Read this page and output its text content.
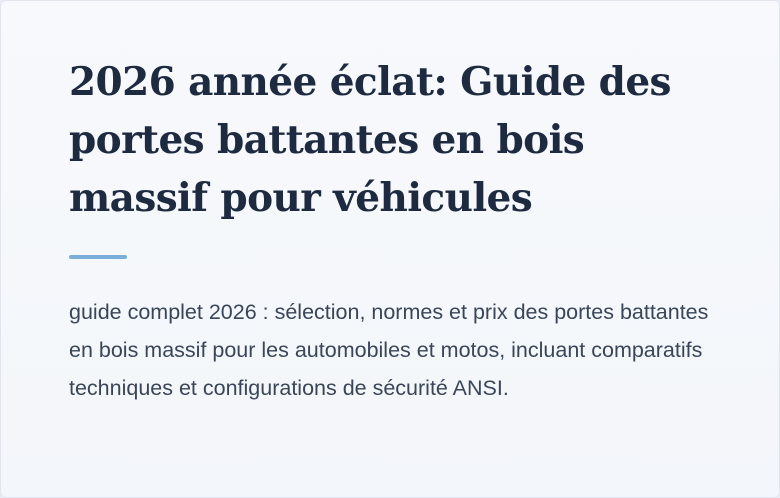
2026 année éclat: Guide des portes battantes en bois massif pour véhicules

guide complet 2026 : sélection, normes et prix des portes battantes en bois massif pour les automobiles et motos, incluant comparatifs techniques et configurations de sécurité ANSI.
